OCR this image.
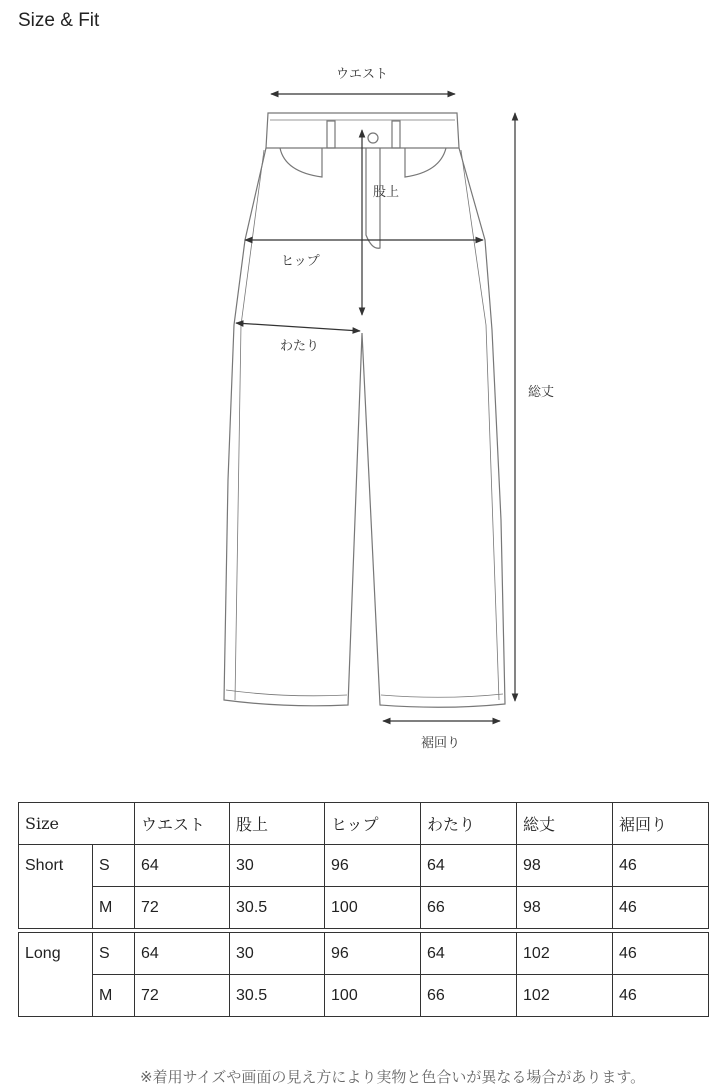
Size & Fit
ウエスト
股上
ヒップ
わたり
総丈
裾回り
Size		ウエスト	股上	ヒップ	わたり	総丈	裾回り
Short	S	64	30	96	64	98	46
	M	72	30.5	100	66	98	46

Long	S	64	30	96	64	102	46
	M	72	30.5	100	66	102	46
※着用サイズや画面の見え方により実物と色合いが異なる場合があります。
